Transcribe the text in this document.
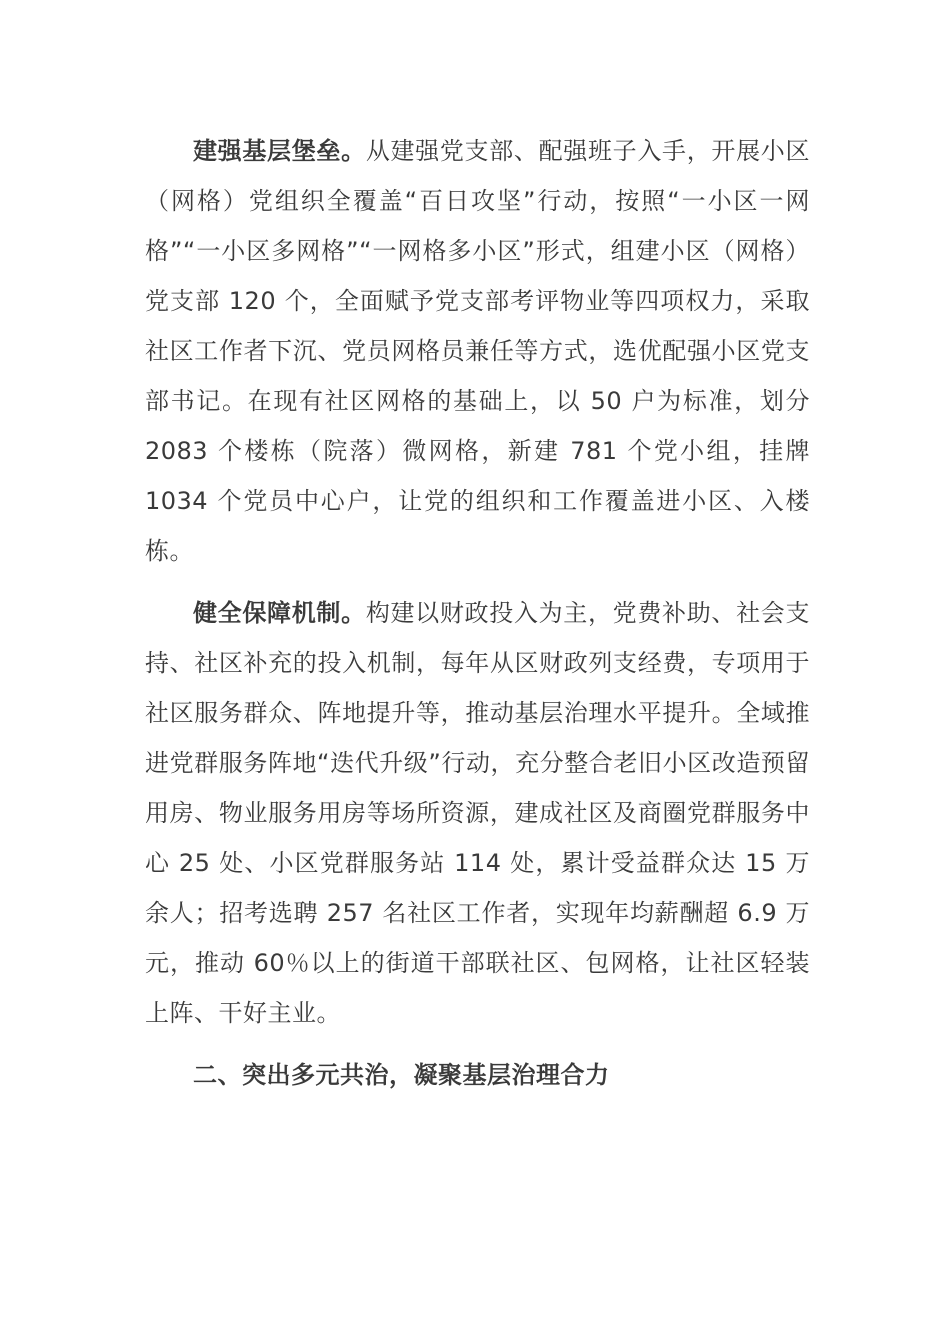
建强基层堡垒。从建强党支部、配强班子入手，开展小区（网格）党组织全覆盖“百日攻坚”行动，按照“一小区一网格”“一小区多网格”“一网格多小区”形式，组建小区（网格）党支部 120 个，全面赋予党支部考评物业等四项权力，采取社区工作者下沉、党员网格员兼任等方式，选优配强小区党支部书记。在现有社区网格的基础上，以 50 户为标准，划分 2083 个楼栋（院落）微网格，新建 781 个党小组，挂牌 1034 个党员中心户，让党的组织和工作覆盖进小区、入楼栋。

健全保障机制。构建以财政投入为主，党费补助、社会支持、社区补充的投入机制，每年从区财政列支经费，专项用于社区服务群众、阵地提升等，推动基层治理水平提升。全域推进党群服务阵地“迭代升级”行动，充分整合老旧小区改造预留用房、物业服务用房等场所资源，建成社区及商圈党群服务中心 25 处、小区党群服务站 114 处，累计受益群众达 15 万余人；招考选聘 257 名社区工作者，实现年均薪酬超 6.9 万元，推动 60％以上的街道干部联社区、包网格，让社区轻装上阵、干好主业。

二、突出多元共治，凝聚基层治理合力
